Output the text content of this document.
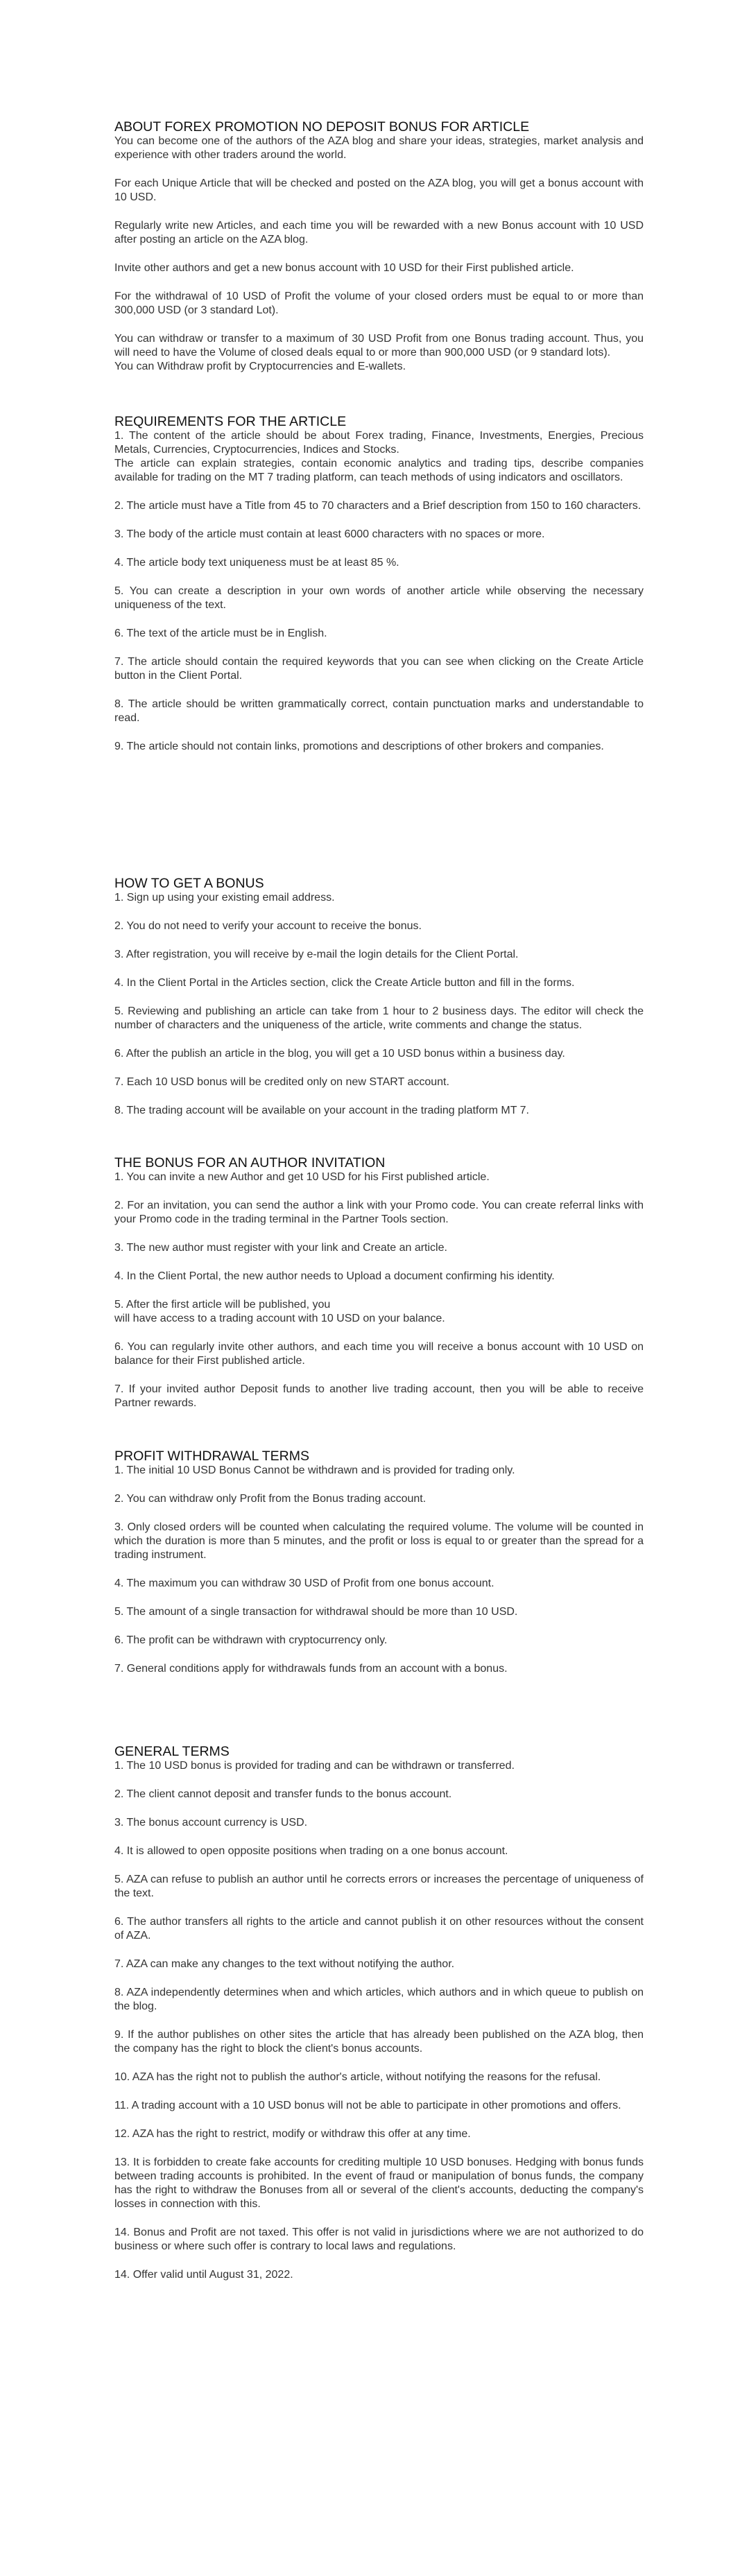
ABOUT FOREX PROMOTION NO DEPOSIT BONUS FOR ARTICLE

You can become one of the authors of the AZA blog and share your ideas, strategies, market analysis and experience with other traders around the world.

For each Unique Article that will be checked and posted on the AZA blog, you will get a bonus account with 10 USD.

Regularly write new Articles, and each time you will be rewarded with a new Bonus account with 10 USD after posting an article on the AZA blog.

Invite other authors and get a new bonus account with 10 USD for their First published article.

For the withdrawal of 10 USD of Profit the volume of your closed orders must be equal to or more than 300,000 USD (or 3 standard Lot).

You can withdraw or transfer to a maximum of 30 USD Profit from one Bonus trading account. Thus, you will need to have the Volume of closed deals equal to or more than 900,000 USD (or 9 standard lots).

You can Withdraw profit by Cryptocurrencies and E-wallets.

REQUIREMENTS FOR THE ARTICLE

1. The content of the article should be about Forex trading, Finance, Investments, Energies, Precious Metals, Currencies, Cryptocurrencies, Indices and Stocks.

The article can explain strategies, contain economic analytics and trading tips, describe companies available for trading on the MT 7 trading platform, can teach methods of using indicators and oscillators.

2. The article must have a Title from 45 to 70 characters and a Brief description from 150 to 160 characters.

3. The body of the article must contain at least 6000 characters with no spaces or more.

4. The article body text uniqueness must be at least 85 %.

5. You can create a description in your own words of another article while observing the necessary uniqueness of the text.

6. The text of the article must be in English.

7. The article should contain the required keywords that you can see when clicking on the Create Article button in the Client Portal.

8. The article should be written grammatically correct, contain punctuation marks and understandable to read.

9. The article should not contain links, promotions and descriptions of other brokers and companies.

HOW TO GET A BONUS

1. Sign up using your existing email address.

2. You do not need to verify your account to receive the bonus.

3. After registration, you will receive by e-mail the login details for the Client Portal.

4. In the Client Portal in the Articles section, click the Create Article button and fill in the forms.

5. Reviewing and publishing an article can take from 1 hour to 2 business days. The editor will check the number of characters and the uniqueness of the article, write comments and change the status.

6. After the publish an article in the blog, you will get a 10 USD bonus within a business day.

7. Each 10 USD bonus will be credited only on new START account.

8. The trading account will be available on your account in the trading platform MT 7.

THE BONUS FOR AN AUTHOR INVITATION

1. You can invite a new Author and get 10 USD for his First published article.

2. For an invitation, you can send the author a link with your Promo code. You can create referral links with your Promo code in the trading terminal in the Partner Tools section.

3. The new author must register with your link and Create an article.

4. In the Client Portal, the new author needs to Upload a document confirming his identity.

5. After the first article will be published, you

will have access to a trading account with 10 USD on your balance.

6. You can regularly invite other authors, and each time you will receive a bonus account with 10 USD on balance for their First published article.

7. If your invited author Deposit funds to another live trading account, then you will be able to receive Partner rewards.

PROFIT WITHDRAWAL TERMS

1. The initial 10 USD Bonus Cannot be withdrawn and is provided for trading only.

2. You can withdraw only Profit from the Bonus trading account.

3. Only closed orders will be counted when calculating the required volume. The volume will be counted in which the duration is more than 5 minutes, and the profit or loss is equal to or greater than the spread for a trading instrument.

4. The maximum you can withdraw 30 USD of Profit from one bonus account.

5. The amount of a single transaction for withdrawal should be more than 10 USD.

6. The profit can be withdrawn with cryptocurrency only.

7. General conditions apply for withdrawals funds from an account with a bonus.

GENERAL TERMS

1. The 10 USD bonus is provided for trading and can be withdrawn or transferred.

2. The client cannot deposit and transfer funds to the bonus account.

3. The bonus account currency is USD.

4. It is allowed to open opposite positions when trading on a one bonus account.

5. AZA can refuse to publish an author until he corrects errors or increases the percentage of uniqueness of the text.

6. The author transfers all rights to the article and cannot publish it on other resources without the consent of AZA.

7. AZA can make any changes to the text without notifying the author.

8. AZA independently determines when and which articles, which authors and in which queue to publish on the blog.

9. If the author publishes on other sites the article that has already been published on the AZA blog, then the company has the right to block the client's bonus accounts.

10. AZA has the right not to publish the author's article, without notifying the reasons for the refusal.

11. A trading account with a 10 USD bonus will not be able to participate in other promotions and offers.

12. AZA has the right to restrict, modify or withdraw this offer at any time.

13. It is forbidden to create fake accounts for crediting multiple 10 USD bonuses. Hedging with bonus funds between trading accounts is prohibited. In the event of fraud or manipulation of bonus funds, the company has the right to withdraw the Bonuses from all or several of the client's accounts, deducting the company's losses in connection with this.

14. Bonus and Profit are not taxed. This offer is not valid in jurisdictions where we are not authorized to do business or where such offer is contrary to local laws and regulations.

14. Offer valid until August 31, 2022.
